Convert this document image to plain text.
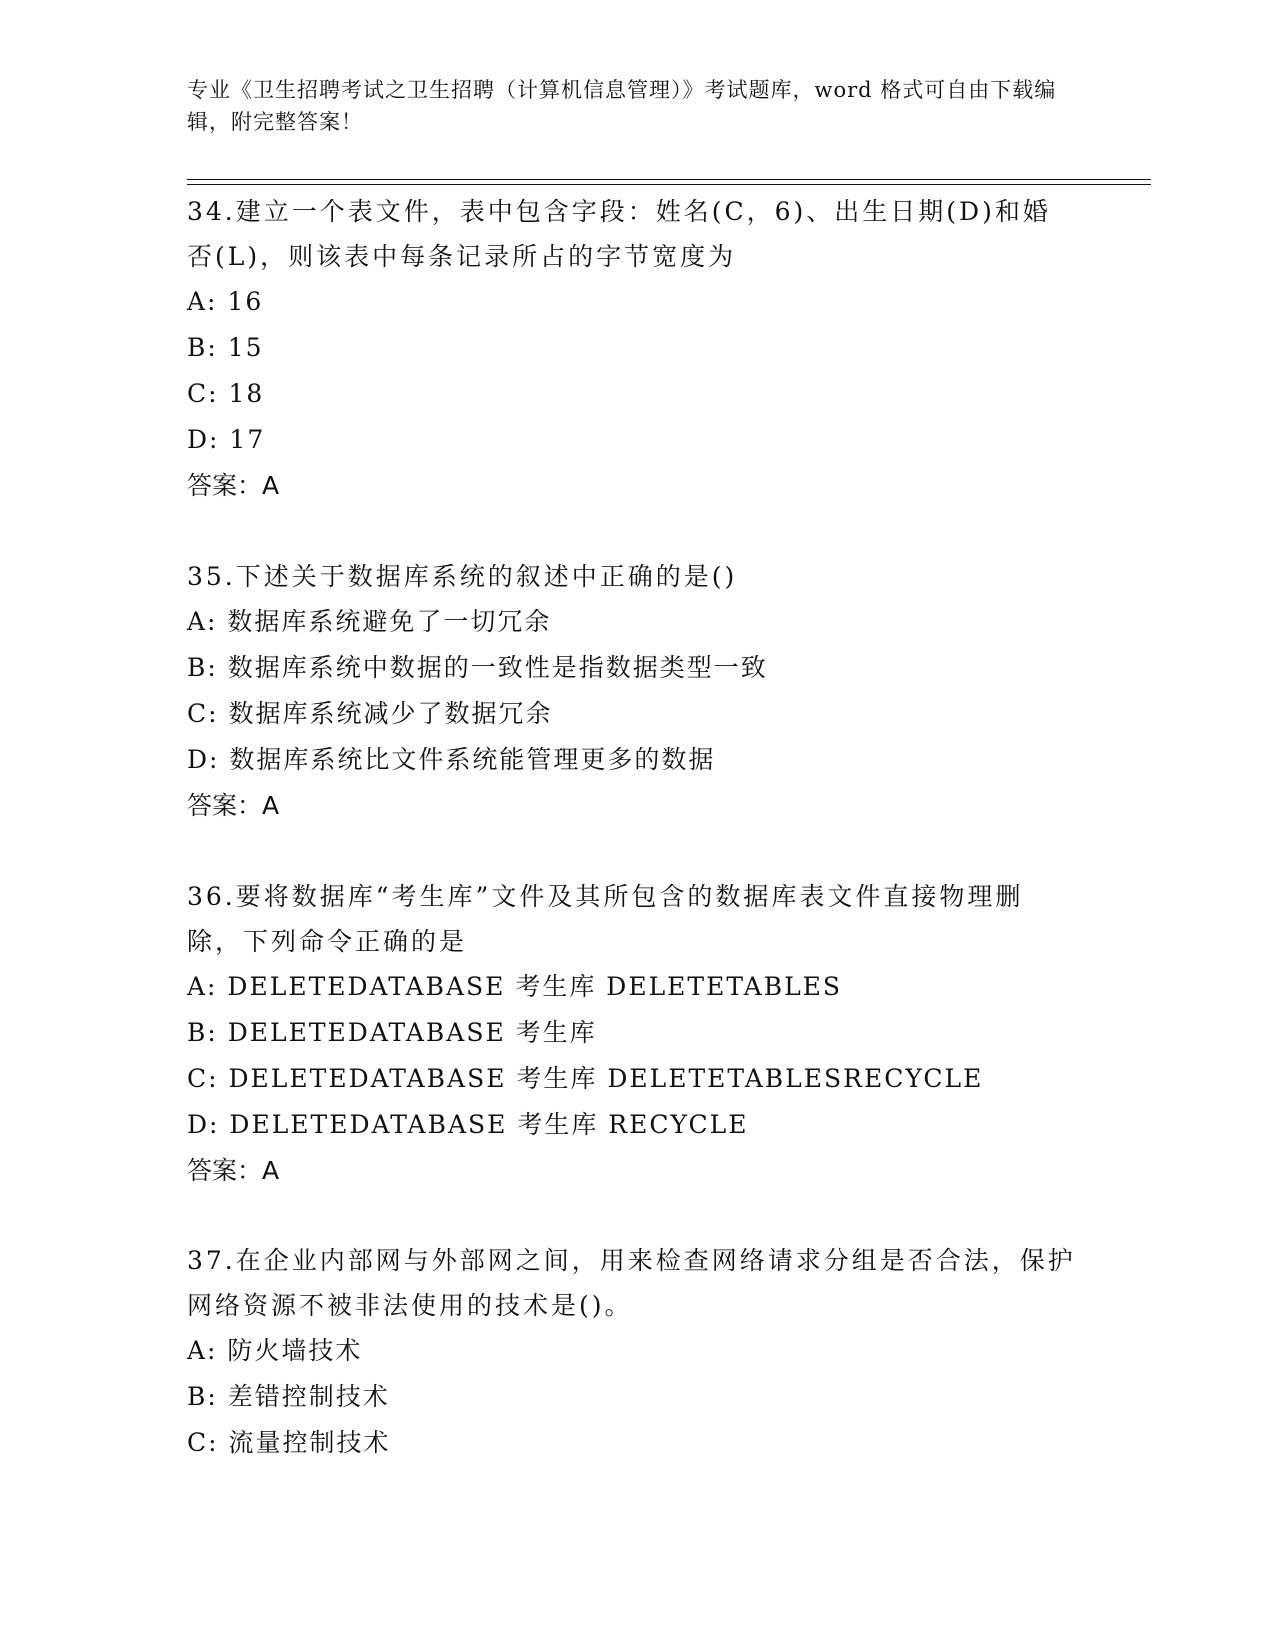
专业《卫生招聘考试之卫生招聘（计算机信息管理）》考试题库，word 格式可自由下载编辑，附完整答案！

34.建立一个表文件，表中包含字段：姓名(C，6)、出生日期(D)和婚否(L)，则该表中每条记录所占的字节宽度为

A: 16

B: 15

C: 18

D: 17

答案：A

35.下述关于数据库系统的叙述中正确的是()

A: 数据库系统避免了一切冗余

B: 数据库系统中数据的一致性是指数据类型一致

C: 数据库系统减少了数据冗余

D: 数据库系统比文件系统能管理更多的数据

答案：A

36.要将数据库“考生库”文件及其所包含的数据库表文件直接物理删除，下列命令正确的是

A: DELETEDATABASE 考生库 DELETETABLES

B: DELETEDATABASE 考生库

C: DELETEDATABASE 考生库 DELETETABLESRECYCLE

D: DELETEDATABASE 考生库 RECYCLE

答案：A

37.在企业内部网与外部网之间，用来检查网络请求分组是否合法，保护网络资源不被非法使用的技术是()。

A: 防火墙技术

B: 差错控制技术

C: 流量控制技术
